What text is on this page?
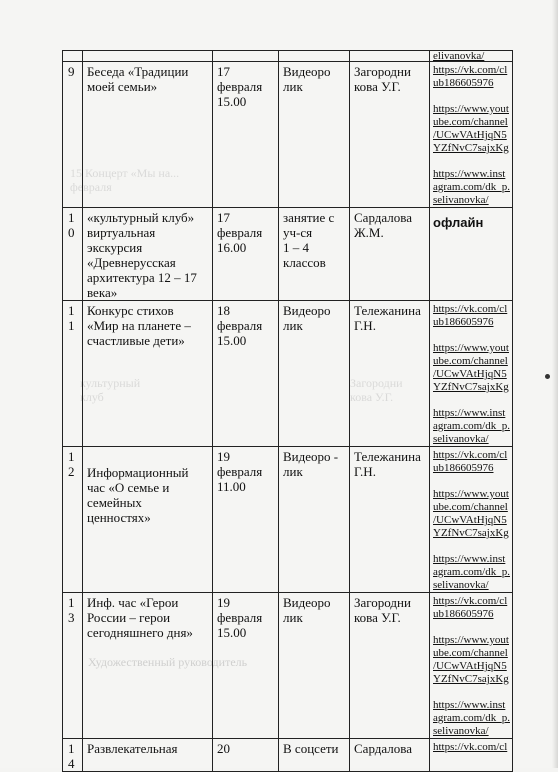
15 Концерт «Мы на...
февраля
Загородни
кова У.Г.
культурный
клуб
Художественный руководитель

					elivanovka/

9	Беседа «Традиции моей семьи»	17 февраля 15.00	Видеоро лик	Загородни кова У.Г.	https://vk.com/club186605976
https://www.youtube.com/channel/UCwVAtHjqN5YZfNvC7sajxKg
https://www.instagram.com/dk_p.selivanovka/

10	«культурный клуб» виртуальная экскурсия «Древнерусская архитектура 12 – 17 века»	17 февраля 16.00	занятие с уч-ся
1 – 4 классов	Сардалова Ж.М.	офлайн
11	Конкурс стихов «Мир на планете – счастливые дети»	18 февраля 15.00	Видеоро лик	Тележанина Г.Н.	https://vk.com/club186605976
https://www.youtube.com/channel/UCwVAtHjqN5YZfNvC7sajxKg
https://www.instagram.com/dk_p.selivanovka/

12	Информационный час «О семье и семейных ценностях»	19 февраля 11.00	Видеоро - лик	Тележанина Г.Н.	https://vk.com/club186605976
https://www.youtube.com/channel/UCwVAtHjqN5YZfNvC7sajxKg
https://www.instagram.com/dk_p.selivanovka/

13	Инф. час «Герои России – герои сегодняшнего дня»	19 февраля 15.00	Видеоро лик	Загородни кова У.Г.	https://vk.com/club186605976
https://www.youtube.com/channel/UCwVAtHjqN5YZfNvC7sajxKg
https://www.instagram.com/dk_p.selivanovka/

14	Развлекательная	20	В соцсети	Сардалова	https://vk.com/cl
